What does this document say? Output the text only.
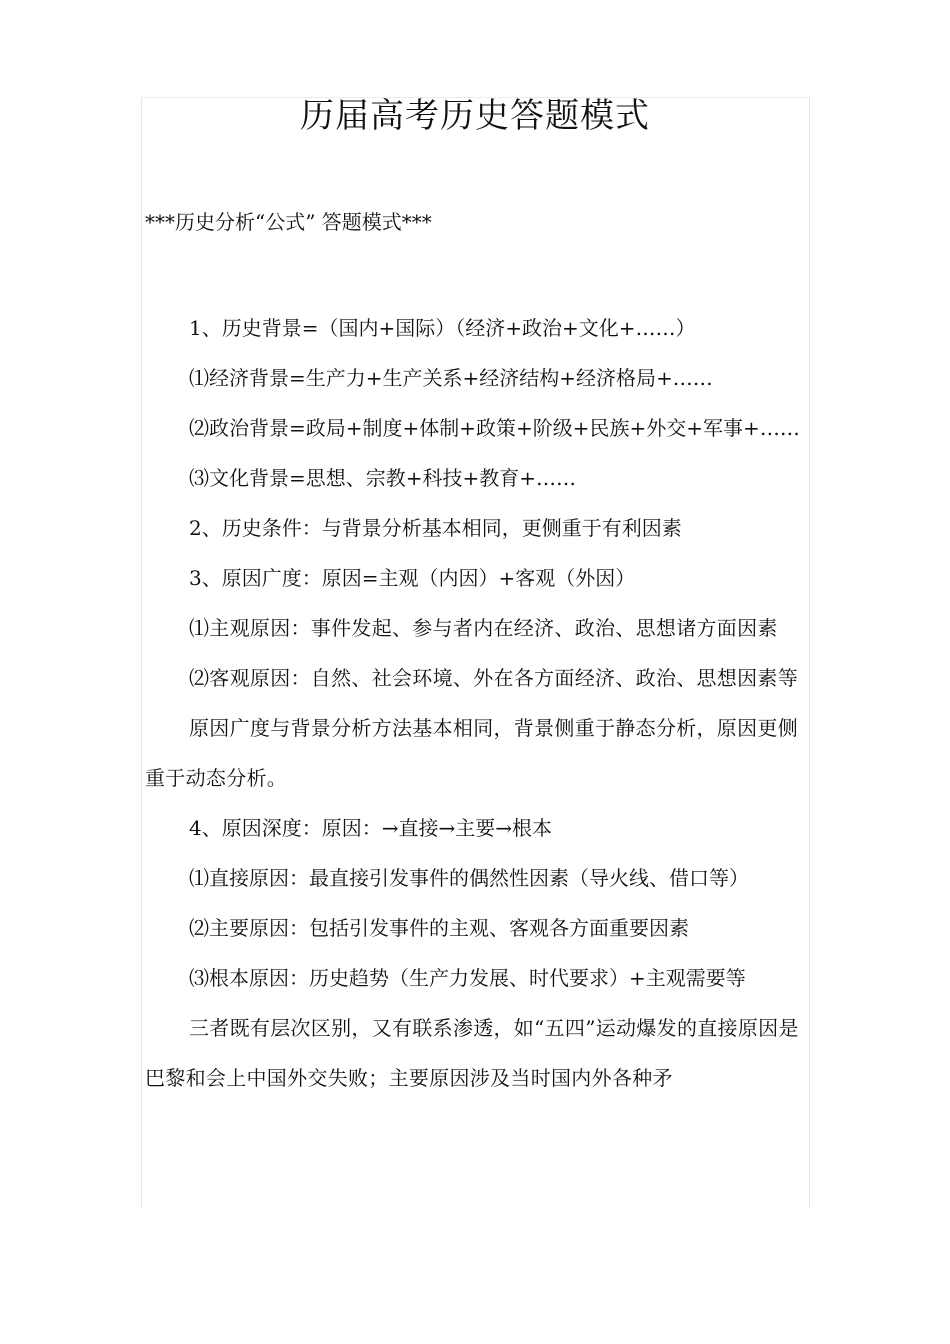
历届高考历史答题模式

***历史分析“公式” 答题模式***

1、历史背景=（国内+国际）（经济+政治+文化+……）

⑴经济背景=生产力+生产关系+经济结构+经济格局+……

⑵政治背景=政局+制度+体制+政策+阶级+民族+外交+军事+……

⑶文化背景=思想、宗教+科技+教育+……

2、历史条件：与背景分析基本相同，更侧重于有利因素

3、原因广度：原因=主观（内因）+客观（外因）

⑴主观原因：事件发起、参与者内在经济、政治、思想诸方面因素

⑵客观原因：自然、社会环境、外在各方面经济、政治、思想因素等

原因广度与背景分析方法基本相同，背景侧重于静态分析，原因更侧重于动态分析。

4、原因深度：原因：→直接→主要→根本

⑴直接原因：最直接引发事件的偶然性因素（导火线、借口等）

⑵主要原因：包括引发事件的主观、客观各方面重要因素

⑶根本原因：历史趋势（生产力发展、时代要求）+主观需要等

三者既有层次区别，又有联系渗透，如“五四”运动爆发的直接原因是巴黎和会上中国外交失败；主要原因涉及当时国内外各种矛
